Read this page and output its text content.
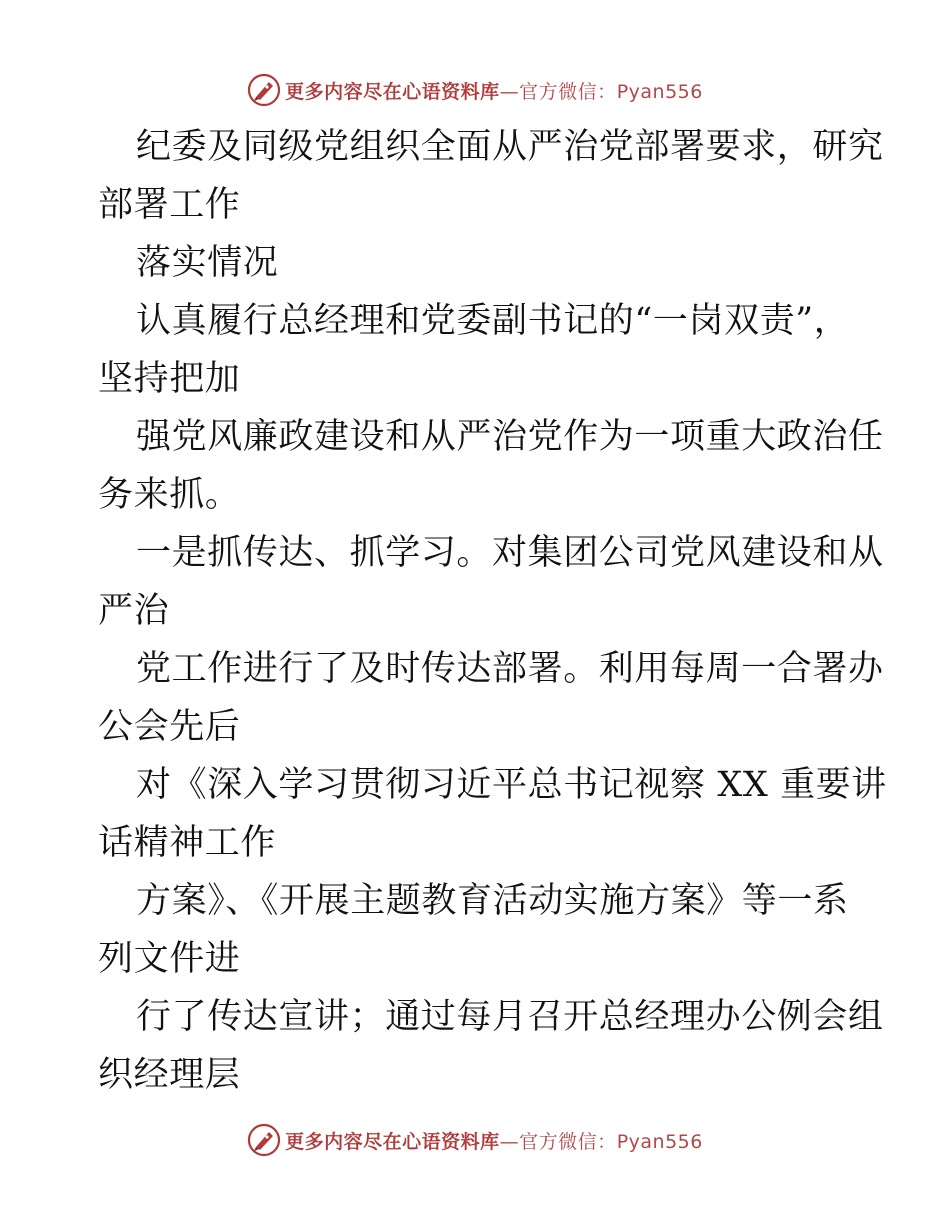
更多内容尽在心语资料库—官方微信：Pyan556
纪委及同级党组织全面从严治党部署要求，研究
部署工作
落实情况
认真履行总经理和党委副书记的“一岗双责”，
坚持把加
强党风廉政建设和从严治党作为一项重大政治任
务来抓。
一是抓传达、抓学习。对集团公司党风建设和从
严治
党工作进行了及时传达部署。利用每周一合署办
公会先后
对《深入学习贯彻习近平总书记视察 XX 重要讲
话精神工作
方案》、《开展主题教育活动实施方案》等一系
列文件进
行了传达宣讲；通过每月召开总经理办公例会组
织经理层
更多内容尽在心语资料库—官方微信：Pyan556
